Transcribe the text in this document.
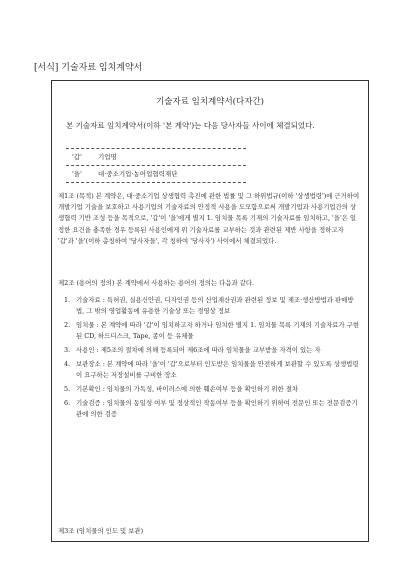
[서식] 기술자료 임치계약서
기술자료 임치계약서(다자간)
본 기술자료 임치계약서(이하 '본 계약')는 다음 당사자들 사이에 체결되었다.
'갑' 기업명
'을' 대·중소기업·농어업협력재단
제1조 (목적) 본 계약은, 대·중소기업 상생협력 촉진에 관한 법률 및 그 하위법규(이하 '상생법령')에 근거하여 개발기업 기술을 보호하고 사용기업의 기술자료의 안정적 사용을 도모함으로써 개발기업과 사용기업간의 상생협력 기반 조성 등을 목적으로, '갑'이 '을'에게 별지 1. 임치물 목록 기재의 기술자료를 임치하고, '을'은 일정한 요건을 충족한 경우 등록된 사용인에게 위 기술자료를 교부하는 것과 관련된 제반 사항을 정하고자 '갑'과 '을'(이하 총칭하여 '당사자들', 각 칭하여 '당사자') 사이에서 체결되었다.
제2조 (용어의 정의) 본 계약에서 사용하는 용어의 정의는 다음과 같다.
1. 기술자료 : 특허권, 실용신안권, 디자인권 등의 산업재산권과 관련된 정보 및 제조·생산방법과 판매방법, 그 밖의 영업활동에 유용한 기술상 또는 경영상 정보
2. 임치물 : 본 계약에 따라 '갑'이 임치하고자 하거나 임치한 별지 1. 임치물 목록 기재의 기술자료가 구현된 CD, 하드디스크, Tape, 종이 등 유체물
3. 사용인 : 제5조의 절차에 의해 등록되어 제6조에 따라 임치물을 교부받을 자격이 있는 자
4. 보관장소 : 본 계약에 따라 '을'이 '갑'으로부터 인도받은 임치물을 안전하게 보관할 수 있도록 상생법령이 요구하는 저장설비를 구비한 장소
5. 기본확인 : 임치물의 가독성, 바이러스에 의한 훼손여부 등을 확인하기 위한 절차
6. 기술검증 : 임치물의 동일성 여부 및 정상적인 작동여부 등을 확인하기 위하여 전문인 또는 전문검증기관에 의한 검증
제3조 (임치물의 인도 및 보관)
